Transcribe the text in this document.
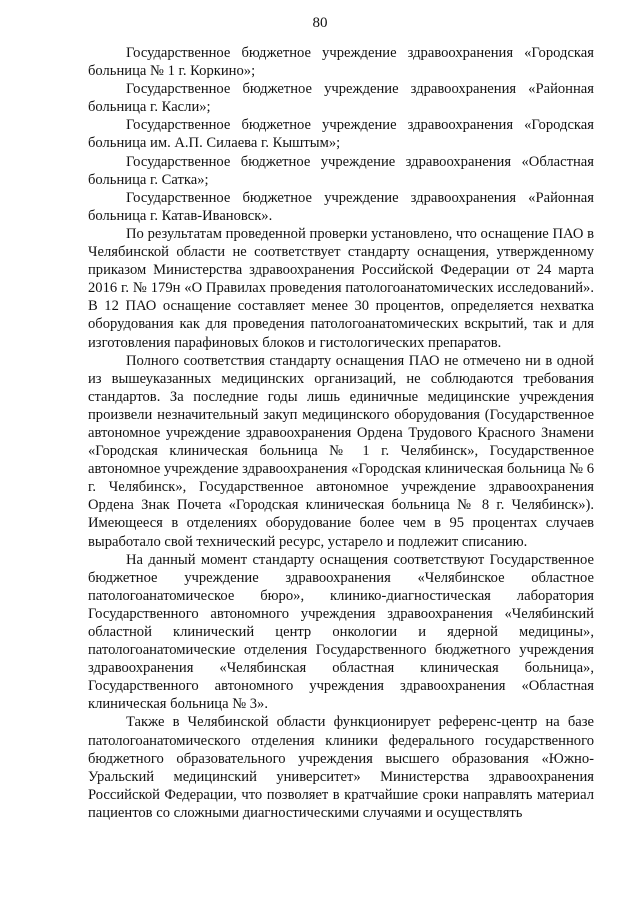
80

Государственное бюджетное учреждение здравоохранения «Городская больница № 1 г. Коркино»;

Государственное бюджетное учреждение здравоохранения «Районная больница г. Касли»;

Государственное бюджетное учреждение здравоохранения «Городская больница им. А.П. Силаева г. Кыштым»;

Государственное бюджетное учреждение здравоохранения «Областная больница г. Сатка»;

Государственное бюджетное учреждение здравоохранения «Районная больница г. Катав-Ивановск».

По результатам проведенной проверки установлено, что оснащение ПАО в Челябинской области не соответствует стандарту оснащения, утвержденному приказом Министерства здравоохранения Российской Федерации от 24 марта 2016 г. № 179н «О Правилах проведения патологоанатомических исследований». В 12 ПАО оснащение составляет менее 30 процентов, определяется нехватка оборудования как для проведения патологоанатомических вскрытий, так и для изготовления парафиновых блоков и гистологических препаратов.

Полного соответствия стандарту оснащения ПАО не отмечено ни в одной из вышеуказанных медицинских организаций, не соблюдаются требования стандартов. За последние годы лишь единичные медицинские учреждения произвели незначительный закуп медицинского оборудования (Государственное автономное учреждение здравоохранения Ордена Трудового Красного Знамени «Городская клиническая больница № 1 г. Челябинск», Государственное автономное учреждение здравоохранения «Городская клиническая больница № 6 г. Челябинск», Государственное автономное учреждение здравоохранения Ордена Знак Почета «Городская клиническая больница № 8 г. Челябинск»). Имеющееся в отделениях оборудование более чем в 95 процентах случаев выработало свой технический ресурс, устарело и подлежит списанию.

На данный момент стандарту оснащения соответствуют Государственное бюджетное учреждение здравоохранения «Челябинское областное патологоанатомическое бюро», клинико-диагностическая лаборатория Государственного автономного учреждения здравоохранения «Челябинский областной клинический центр онкологии и ядерной медицины», патологоанатомические отделения Государственного бюджетного учреждения здравоохранения «Челябинская областная клиническая больница», Государственного автономного учреждения здравоохранения «Областная клиническая больница № 3».

Также в Челябинской области функционирует референс-центр на базе патологоанатомического отделения клиники федерального государственного бюджетного образовательного учреждения высшего образования «Южно-Уральский медицинский университет» Министерства здравоохранения Российской Федерации, что позволяет в кратчайшие сроки направлять материал пациентов со сложными диагностическими случаями и осуществлять
